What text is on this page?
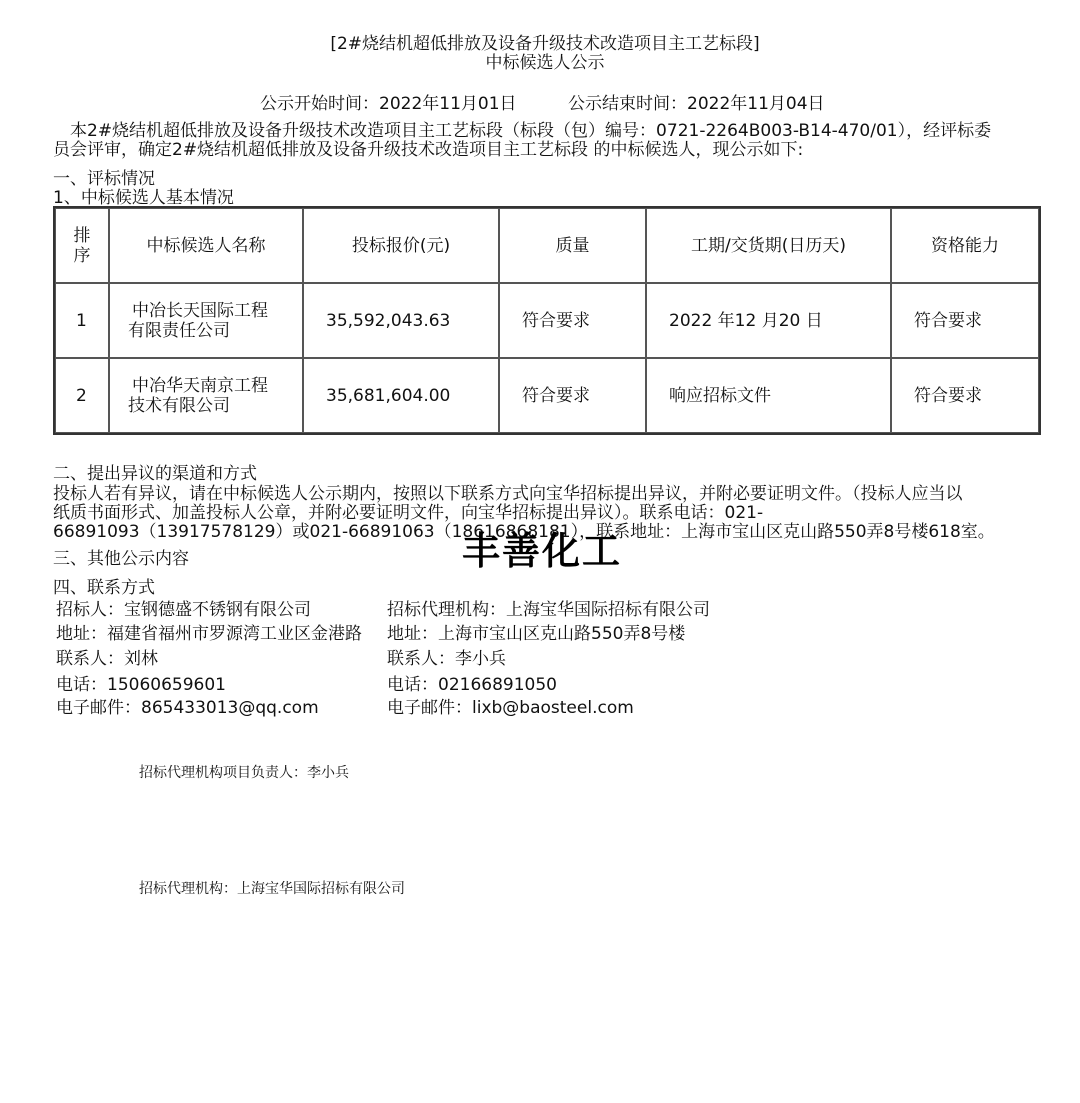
[2#烧结机超低排放及设备升级技术改造项目主工艺标段]
中标候选人公示
公示开始时间：2022年11月01日	公示结束时间：2022年11月04日
本2#烧结机超低排放及设备升级技术改造项目主工艺标段（标段（包）编号：0721-2264B003-B14-470/01），经评标委
员会评审，确定2#烧结机超低排放及设备升级技术改造项目主工艺标段 的中标候选人，现公示如下:
一、评标情况
1、中标候选人基本情况
排序	中标候选人名称	投标报价(元)	质量	工期/交货期(日历天)	资格能力
1	中冶长天国际工程
有限责任公司	35,592,043.63	符合要求	2022 年12 月20 日	符合要求
2	中冶华天南京工程
技术有限公司	35,681,604.00	符合要求	响应招标文件	符合要求
二、提出异议的渠道和方式
投标人若有异议，请在中标候选人公示期内，按照以下联系方式向宝华招标提出异议，并附必要证明文件。（投标人应当以
纸质书面形式、加盖投标人公章，并附必要证明文件，向宝华招标提出异议）。联系电话：021-
66891093（13917578129）或021-66891063（18616868181），联系地址：上海市宝山区克山路550弄8号楼618室。
丰善化工
三、其他公示内容
四、联系方式
招标人：宝钢德盛不锈钢有限公司
地址：福建省福州市罗源湾工业区金港路
联系人：刘林
电话：15060659601
电子邮件：865433013@qq.com
招标代理机构：上海宝华国际招标有限公司
地址：上海市宝山区克山路550弄8号楼
联系人：李小兵
电话：02166891050
电子邮件：lixb@baosteel.com
招标代理机构项目负责人：李小兵
招标代理机构：上海宝华国际招标有限公司
